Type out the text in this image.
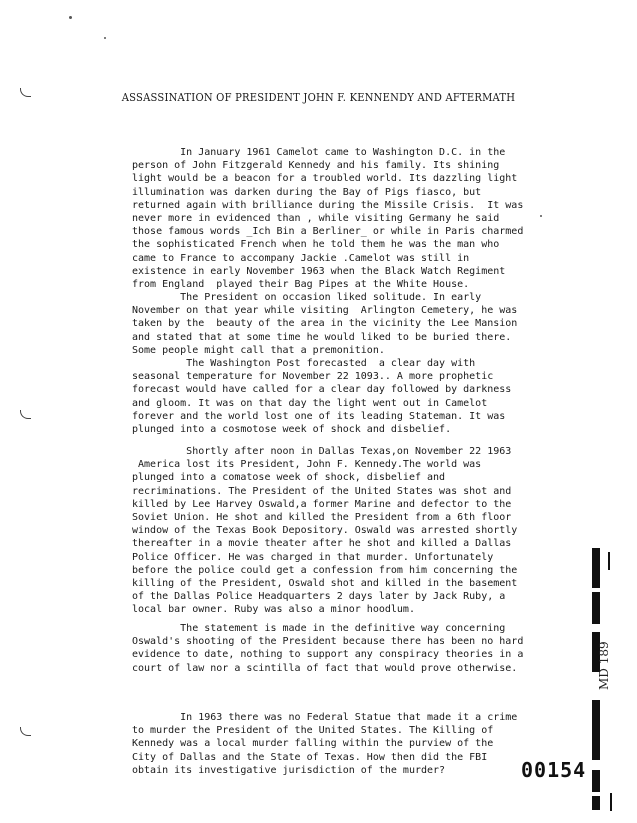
ASSASSINATION OF PRESIDENT JOHN F. KENNENDY AND AFTERMATH
In January 1961 Camelot came to Washington D.C. in the
person of John Fitzgerald Kennedy and his family. Its shining
light would be a beacon for a troubled world. Its dazzling light
illumination was darken during the Bay of Pigs fiasco, but
returned again with brilliance during the Missile Crisis.  It was
never more in evidenced than , while visiting Germany he said
those famous words _Ich Bin a Berliner_ or while in Paris charmed
the sophisticated French when he told them he was the man who
came to France to accompany Jackie .Camelot was still in
existence in early November 1963 when the Black Watch Regiment
from England  played their Bag Pipes at the White House.
The President on occasion liked solitude. In early
November on that year while visiting  Arlington Cemetery, he was
taken by the  beauty of the area in the vicinity the Lee Mansion
and stated that at some time he would liked to be buried there.
Some people might call that a premonition.
The Washington Post forecasted  a clear day with
seasonal temperature for November 22 1093.. A more prophetic
forecast would have called for a clear day followed by darkness
and gloom. It was on that day the light went out in Camelot
forever and the world lost one of its leading Stateman. It was
plunged into a cosmotose week of shock and disbelief.
Shortly after noon in Dallas Texas,on November 22 1963
America lost its President, John F. Kennedy.The world was
plunged into a comatose week of shock, disbelief and
recriminations. The President of the United States was shot and
killed by Lee Harvey Oswald,a former Marine and defector to the
Soviet Union. He shot and killed the President from a 6th floor
window of the Texas Book Depository. Oswald was arrested shortly
thereafter in a movie theater after he shot and killed a Dallas
Police Officer. He was charged in that murder. Unfortunately
before the police could get a confession from him concerning the
killing of the President, Oswald shot and killed in the basement
of the Dallas Police Headquarters 2 days later by Jack Ruby, a
local bar owner. Ruby was also a minor hoodlum.
The statement is made in the definitive way concerning
Oswald's shooting of the President because there has been no hard
evidence to date, nothing to support any conspiracy theories in a
court of law nor a scintilla of fact that would prove otherwise.
In 1963 there was no Federal Statue that made it a crime
to murder the President of the United States. The Killing of
Kennedy was a local murder falling within the purview of the
City of Dallas and the State of Texas. How then did the FBI
obtain its investigative jurisdiction of the murder?
MD 189
00154
